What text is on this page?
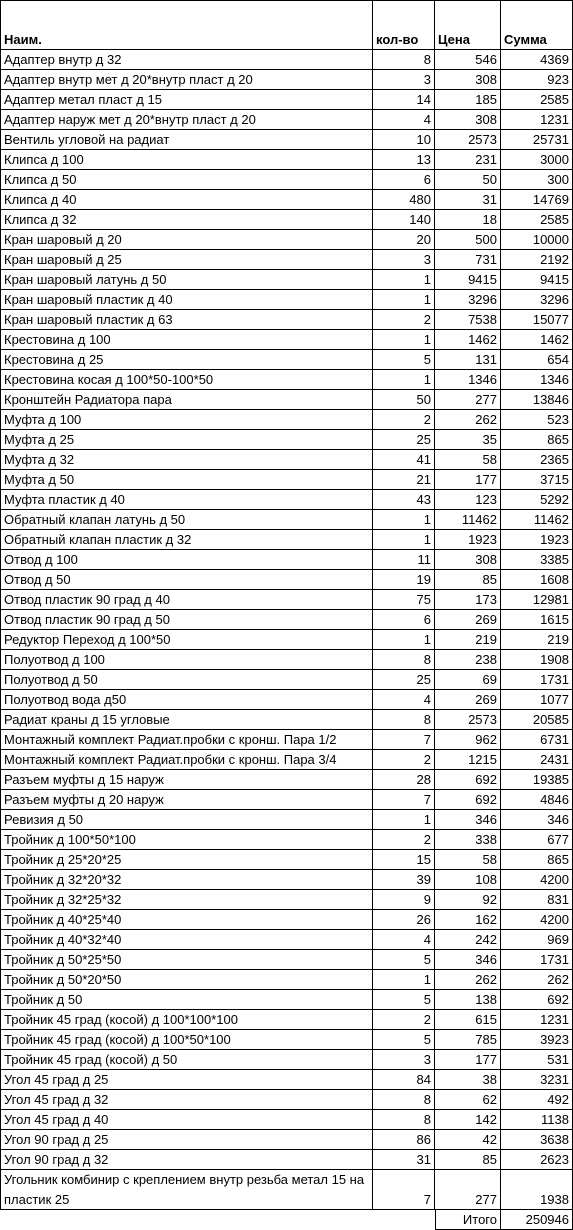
Наим.	кол-во	Цена	Сумма
Адаптер внутр д 32	8	546	4369
Адаптер внутр мет д 20*внутр пласт д 20	3	308	923
Адаптер метал пласт д 15	14	185	2585
Адаптер наруж мет д 20*внутр пласт д 20	4	308	1231
Вентиль угловой на радиат	10	2573	25731
Клипса д 100	13	231	3000
Клипса д 50	6	50	300
Клипса д 40	480	31	14769
Клипса д 32	140	18	2585
Кран шаровый д 20	20	500	10000
Кран шаровый д 25	3	731	2192
Кран шаровый латунь д 50	1	9415	9415
Кран шаровый пластик д 40	1	3296	3296
Кран шаровый пластик д 63	2	7538	15077
Крестовина д 100	1	1462	1462
Крестовина д 25	5	131	654
Крестовина косая д 100*50-100*50	1	1346	1346
Кронштейн Радиатора пара	50	277	13846
Муфта д 100	2	262	523
Муфта д 25	25	35	865
Муфта д 32	41	58	2365
Муфта д 50	21	177	3715
Муфта пластик д 40	43	123	5292
Обратный клапан латунь д 50	1	11462	11462
Обратный клапан пластик д 32	1	1923	1923
Отвод д 100	11	308	3385
Отвод д 50	19	85	1608
Отвод пластик 90 град д 40	75	173	12981
Отвод пластик 90 град д 50	6	269	1615
Редуктор Переход д 100*50	1	219	219
Полуотвод д 100	8	238	1908
Полуотвод д 50	25	69	1731
Полуотвод вода д50	4	269	1077
Радиат краны д 15 угловые	8	2573	20585
Монтажный комплект Радиат.пробки с кронш. Пара 1/2	7	962	6731
Монтажный комплект Радиат.пробки с кронш. Пара 3/4	2	1215	2431
Разъем муфты д 15 наруж	28	692	19385
Разъем муфты д 20 наруж	7	692	4846
Ревизия д 50	1	346	346
Тройник д 100*50*100	2	338	677
Тройник д 25*20*25	15	58	865
Тройник д 32*20*32	39	108	4200
Тройник д 32*25*32	9	92	831
Тройник д 40*25*40	26	162	4200
Тройник д 40*32*40	4	242	969
Тройник д 50*25*50	5	346	1731
Тройник д 50*20*50	1	262	262
Тройник д 50	5	138	692
Тройник 45 град (косой) д 100*100*100	2	615	1231
Тройник 45 град (косой) д 100*50*100	5	785	3923
Тройник 45 град (косой) д 50	3	177	531
Угол 45 град д 25	84	38	3231
Угол 45 град д 32	8	62	492
Угол 45 град д 40	8	142	1138
Угол 90 град д 25	86	42	3638
Угол 90 град д 32	31	85	2623
Угольник комбинир с креплением внутр резьба метал 15 на пластик 25	7	277	1938
Итого	250946
